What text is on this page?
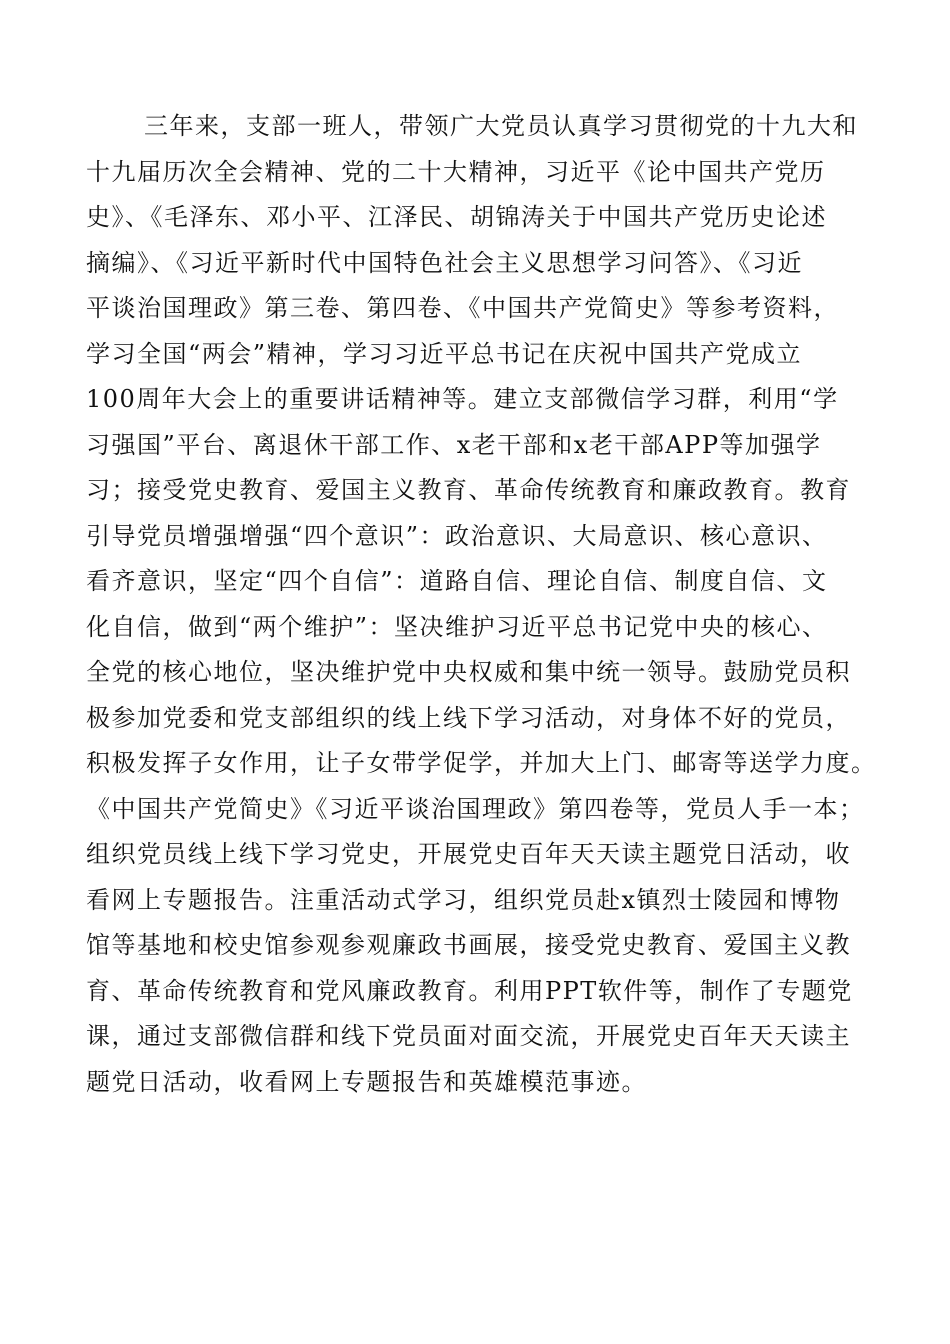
三年来，支部一班人，带领广大党员认真学习贯彻党的十九大和
十九届历次全会精神、党的二十大精神，习近平《论中国共产党历
史》、《毛泽东、邓小平、江泽民、胡锦涛关于中国共产党历史论述
摘编》、《习近平新时代中国特色社会主义思想学习问答》、《习近
平谈治国理政》第三卷、第四卷、《中国共产党简史》等参考资料，
学习全国“两会”精神，学习习近平总书记在庆祝中国共产党成立
100周年大会上的重要讲话精神等。建立支部微信学习群，利用“学
习强国”平台、离退休干部工作、x老干部和x老干部APP等加强学
习；接受党史教育、爱国主义教育、革命传统教育和廉政教育。教育
引导党员增强增强“四个意识”：政治意识、大局意识、核心意识、
看齐意识，坚定“四个自信”：道路自信、理论自信、制度自信、文
化自信，做到“两个维护”：坚决维护习近平总书记党中央的核心、
全党的核心地位，坚决维护党中央权威和集中统一领导。鼓励党员积
极参加党委和党支部组织的线上线下学习活动，对身体不好的党员，
积极发挥子女作用，让子女带学促学，并加大上门、邮寄等送学力度。
《中国共产党简史》《习近平谈治国理政》第四卷等，党员人手一本；
组织党员线上线下学习党史，开展党史百年天天读主题党日活动，收
看网上专题报告。注重活动式学习，组织党员赴x镇烈士陵园和博物
馆等基地和校史馆参观参观廉政书画展，接受党史教育、爱国主义教
育、革命传统教育和党风廉政教育。利用PPT软件等，制作了专题党
课，通过支部微信群和线下党员面对面交流，开展党史百年天天读主
题党日活动，收看网上专题报告和英雄模范事迹。
